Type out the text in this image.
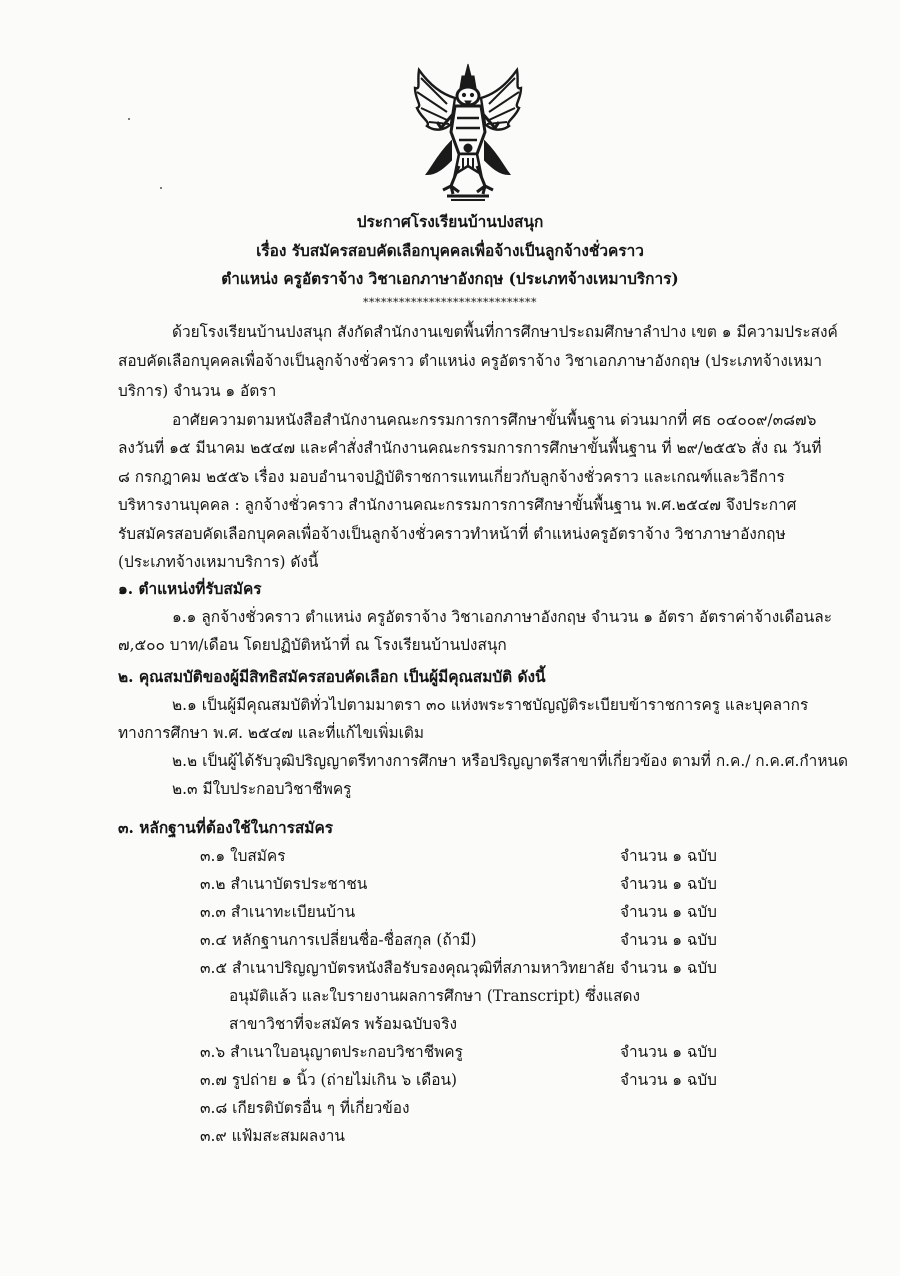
ประกาศโรงเรียนบ้านปงสนุก
เรื่อง รับสมัครสอบคัดเลือกบุคคลเพื่อจ้างเป็นลูกจ้างชั่วคราว
ตำแหน่ง ครูอัตราจ้าง วิชาเอกภาษาอังกฤษ (ประเภทจ้างเหมาบริการ)
*****************************
ด้วยโรงเรียนบ้านปงสนุก สังกัดสำนักงานเขตพื้นที่การศึกษาประถมศึกษาลำปาง เขต ๑ มีความประสงค์
สอบคัดเลือกบุคคลเพื่อจ้างเป็นลูกจ้างชั่วคราว ตำแหน่ง ครูอัตราจ้าง วิชาเอกภาษาอังกฤษ (ประเภทจ้างเหมา
บริการ) จำนวน ๑ อัตรา
อาศัยความตามหนังสือสำนักงานคณะกรรมการการศึกษาขั้นพื้นฐาน ด่วนมากที่ ศธ ๐๔๐๐๙/๓๘๗๖
ลงวันที่ ๑๕ มีนาคม ๒๕๔๗ และคำสั่งสำนักงานคณะกรรมการการศึกษาขั้นพื้นฐาน ที่ ๒๙/๒๕๕๖ สั่ง ณ วันที่
๘ กรกฎาคม ๒๕๕๖ เรื่อง มอบอำนาจปฏิบัติราชการแทนเกี่ยวกับลูกจ้างชั่วคราว และเกณฑ์และวิธีการ
บริหารงานบุคคล : ลูกจ้างชั่วคราว สำนักงานคณะกรรมการการศึกษาขั้นพื้นฐาน พ.ศ.๒๕๔๗ จึงประกาศ
รับสมัครสอบคัดเลือกบุคคลเพื่อจ้างเป็นลูกจ้างชั่วคราวทำหน้าที่ ตำแหน่งครูอัตราจ้าง วิชาภาษาอังกฤษ
(ประเภทจ้างเหมาบริการ) ดังนี้
๑. ตำแหน่งที่รับสมัคร
๑.๑ ลูกจ้างชั่วคราว ตำแหน่ง ครูอัตราจ้าง วิชาเอกภาษาอังกฤษ จำนวน ๑ อัตรา อัตราค่าจ้างเดือนละ
๗,๕๐๐ บาท/เดือน โดยปฏิบัติหน้าที่ ณ โรงเรียนบ้านปงสนุก
๒. คุณสมบัติของผู้มีสิทธิสมัครสอบคัดเลือก เป็นผู้มีคุณสมบัติ ดังนี้
๒.๑ เป็นผู้มีคุณสมบัติทั่วไปตามมาตรา ๓๐ แห่งพระราชบัญญัติระเบียบข้าราชการครู และบุคลากร
ทางการศึกษา พ.ศ. ๒๕๔๗ และที่แก้ไขเพิ่มเติม
๒.๒ เป็นผู้ได้รับวุฒิปริญญาตรีทางการศึกษา หรือปริญญาตรีสาขาที่เกี่ยวข้อง ตามที่ ก.ค./ ก.ค.ศ.กำหนด
๒.๓ มีใบประกอบวิชาชีพครู
๓. หลักฐานที่ต้องใช้ในการสมัคร
๓.๑ ใบสมัคร	จำนวน ๑ ฉบับ
๓.๒ สำเนาบัตรประชาชน	จำนวน ๑ ฉบับ
๓.๓ สำเนาทะเบียนบ้าน	จำนวน ๑ ฉบับ
๓.๔ หลักฐานการเปลี่ยนชื่อ-ชื่อสกุล (ถ้ามี)	จำนวน ๑ ฉบับ
๓.๕ สำเนาปริญญาบัตรหนังสือรับรองคุณวุฒิที่สภามหาวิทยาลัย จำนวน ๑ ฉบับ
อนุมัติแล้ว และใบรายงานผลการศึกษา (Transcript) ซึ่งแสดง
สาขาวิชาที่จะสมัคร พร้อมฉบับจริง
๓.๖ สำเนาใบอนุญาตประกอบวิชาชีพครู	จำนวน ๑ ฉบับ
๓.๗ รูปถ่าย ๑ นิ้ว (ถ่ายไม่เกิน ๖ เดือน)	จำนวน ๑ ฉบับ
๓.๘ เกียรติบัตรอื่น ๆ ที่เกี่ยวข้อง
๓.๙ แฟ้มสะสมผลงาน
